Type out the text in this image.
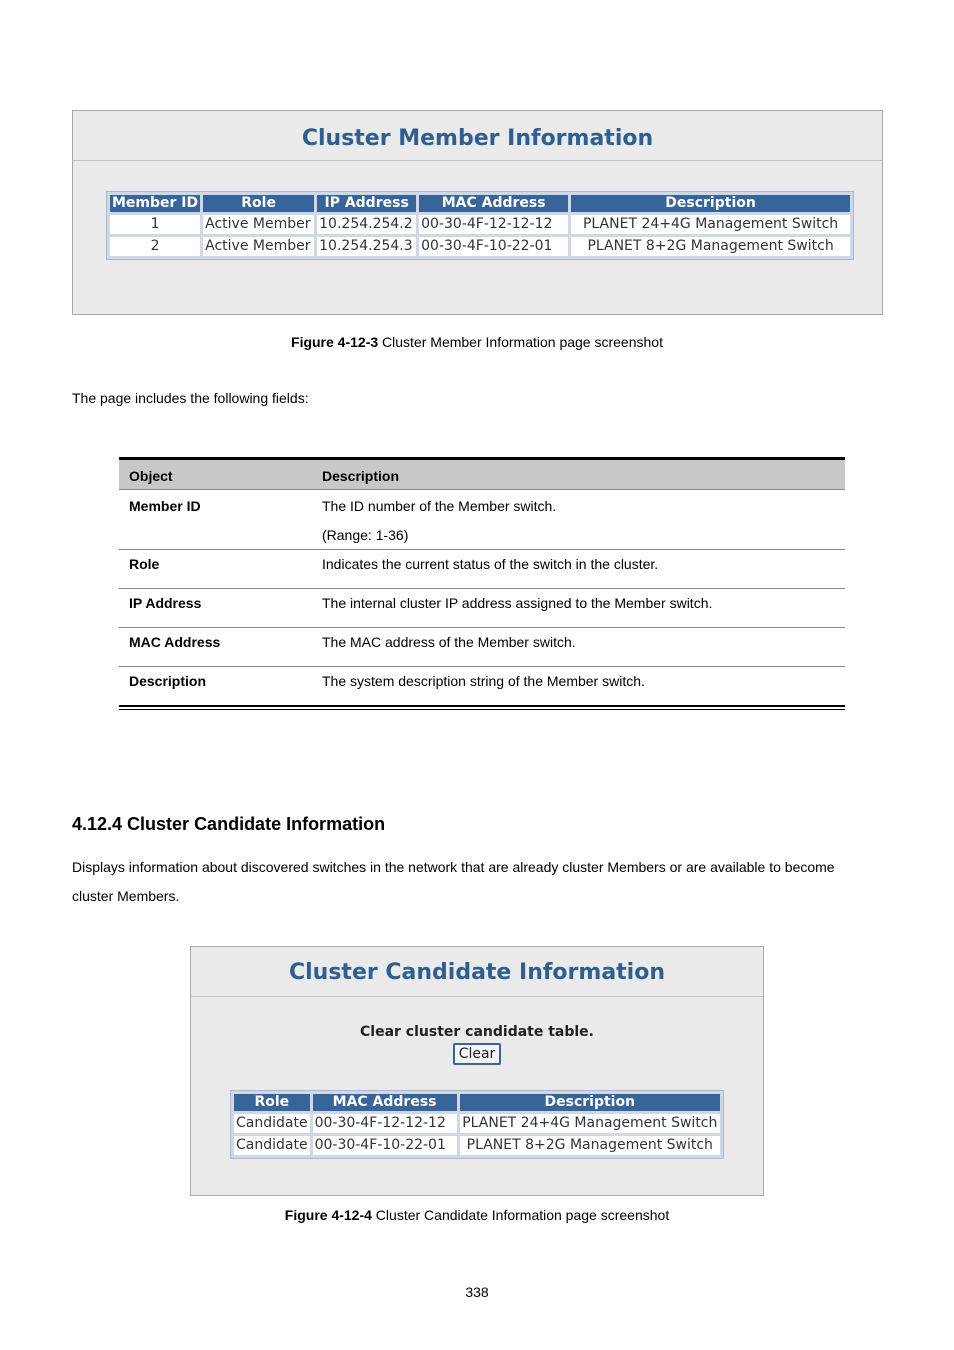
Cluster Member Information
Member ID	Role	IP Address	MAC Address	Description
1	Active Member	10.254.254.2	00-30-4F-12-12-12	PLANET 24+4G Management Switch
2	Active Member	10.254.254.3	00-30-4F-10-22-01	PLANET 8+2G Management Switch
Figure 4-12-3 Cluster Member Information page screenshot
The page includes the following fields:
Object	Description
Member ID	The ID number of the Member switch.
(Range: 1-36)
Role	Indicates the current status of the switch in the cluster.
IP Address	The internal cluster IP address assigned to the Member switch.
MAC Address	The MAC address of the Member switch.
Description	The system description string of the Member switch.
4.12.4 Cluster Candidate Information
Displays information about discovered switches in the network that are already cluster Members or are available to become
cluster Members.
Cluster Candidate Information
Clear cluster candidate table.
Clear
Role	MAC Address	Description
Candidate	00-30-4F-12-12-12	PLANET 24+4G Management Switch
Candidate	00-30-4F-10-22-01	PLANET 8+2G Management Switch
Figure 4-12-4 Cluster Candidate Information page screenshot
338
